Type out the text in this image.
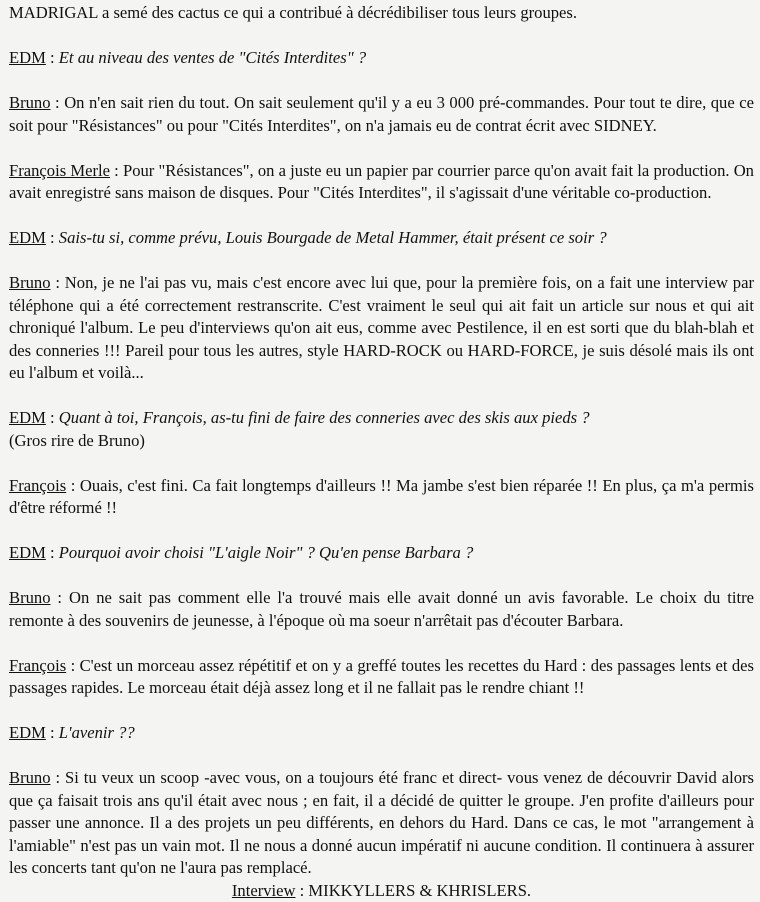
MADRIGAL a semé des cactus ce qui a contribué à décrédibiliser tous leurs groupes.

EDM : Et au niveau des ventes de "Cités Interdites" ?

Bruno : On n'en sait rien du tout. On sait seulement qu'il y a eu 3 000 pré-commandes. Pour tout te dire, que ce soit pour "Résistances" ou pour "Cités Interdites", on n'a jamais eu de contrat écrit avec SIDNEY.

François Merle : Pour "Résistances", on a juste eu un papier par courrier parce qu'on avait fait la production. On avait enregistré sans maison de disques. Pour "Cités Interdites", il s'agissait d'une véritable co-production.

EDM : Sais-tu si, comme prévu, Louis Bourgade de Metal Hammer, était présent ce soir ?

Bruno : Non, je ne l'ai pas vu, mais c'est encore avec lui que, pour la première fois, on a fait une interview par téléphone qui a été correctement restranscrite. C'est vraiment le seul qui ait fait un article sur nous et qui ait chroniqué l'album. Le peu d'interviews qu'on ait eus, comme avec Pestilence, il en est sorti que du blah-blah et des conneries !!! Pareil pour tous les autres, style HARD-ROCK ou HARD-FORCE, je suis désolé mais ils ont eu l'album et voilà...

EDM : Quant à toi, François, as-tu fini de faire des conneries avec des skis aux pieds ?

(Gros rire de Bruno)

François : Ouais, c'est fini. Ca fait longtemps d'ailleurs !! Ma jambe s'est bien réparée !! En plus, ça m'a permis d'être réformé !!

EDM : Pourquoi avoir choisi "L'aigle Noir" ? Qu'en pense Barbara ?

Bruno : On ne sait pas comment elle l'a trouvé mais elle avait donné un avis favorable. Le choix du titre remonte à des souvenirs de jeunesse, à l'époque où ma soeur n'arrêtait pas d'écouter Barbara.

François : C'est un morceau assez répétitif et on y a greffé toutes les recettes du Hard : des passages lents et des passages rapides. Le morceau était déjà assez long et il ne fallait pas le rendre chiant !!

EDM : L'avenir ??

Bruno : Si tu veux un scoop -avec vous, on a toujours été franc et direct- vous venez de découvrir David alors que ça faisait trois ans qu'il était avec nous ; en fait, il a décidé de quitter le groupe. J'en profite d'ailleurs pour passer une annonce. Il a des projets un peu différents, en dehors du Hard. Dans ce cas, le mot "arrangement à l'amiable" n'est pas un vain mot. Il ne nous a donné aucun impératif ni aucune condition. Il continuera à assurer les concerts tant qu'on ne l'aura pas remplacé.

Interview : MIKKYLLERS & KHRISLERS.
